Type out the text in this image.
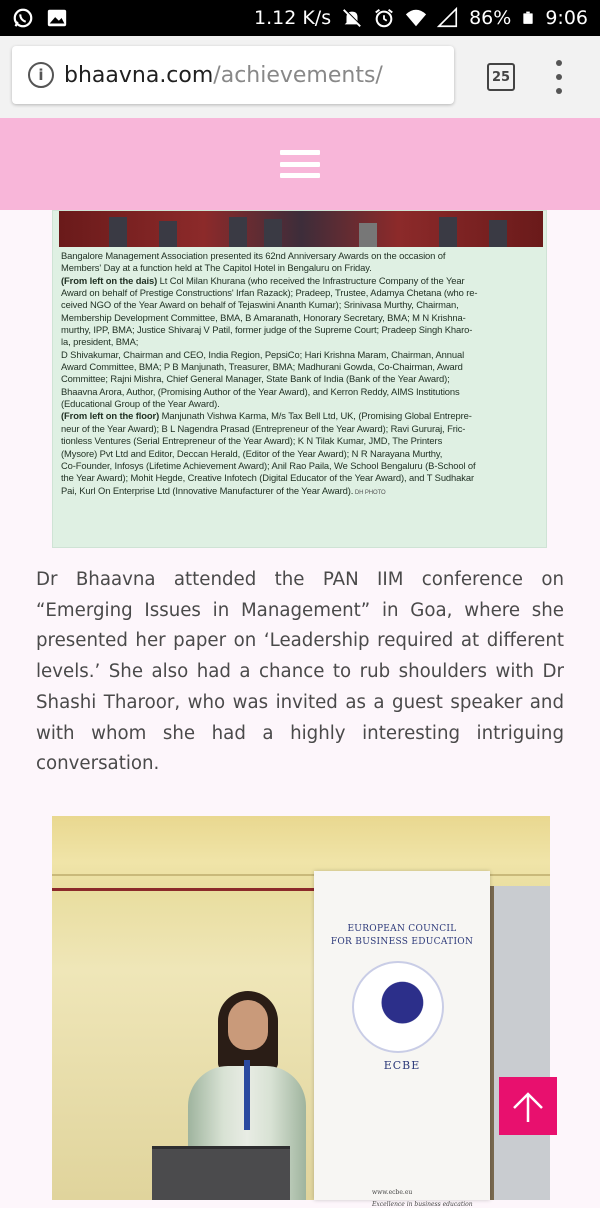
1.12 K/s	86% 9:06
i bhaavna.com /achievements/	25
Bangalore Management Association presented its 62nd Anniversary Awards on the occasion of
Members' Day at a function held at The Capitol Hotel in Bengaluru on Friday.
(From left on the dais) Lt Col Milan Khurana (who received the Infrastructure Company of the Year
Award on behalf of Prestige Constructions' Irfan Razack); Pradeep, Trustee, Adamya Chetana (who re-
ceived NGO of the Year Award on behalf of Tejaswini Ananth Kumar); Srinivasa Murthy, Chairman,
Membership Development Committee, BMA, B Amaranath, Honorary Secretary, BMA; M N Krishna-
murthy, IPP, BMA; Justice Shivaraj V Patil, former judge of the Supreme Court; Pradeep Singh Kharo-
la, president, BMA;
D Shivakumar, Chairman and CEO, India Region, PepsiCo; Hari Krishna Maram, Chairman, Annual
Award Committee, BMA; P B Manjunath, Treasurer, BMA; Madhurani Gowda, Co-Chairman, Award
Committee; Rajni Mishra, Chief General Manager, State Bank of India (Bank of the Year Award);
Bhaavna Arora, Author, (Promising Author of the Year Award), and Kerron Reddy, AIMS Institutions
(Educational Group of the Year Award).
(From left on the floor) Manjunath Vishwa Karma, M/s Tax Bell Ltd, UK, (Promising Global Entrepre-
neur of the Year Award); B L Nagendra Prasad (Entrepreneur of the Year Award); Ravi Gururaj, Fric-
tionless Ventures (Serial Entrepreneur of the Year Award); K N Tilak Kumar, JMD, The Printers
(Mysore) Pvt Ltd and Editor, Deccan Herald, (Editor of the Year Award); N R Narayana Murthy,
Co-Founder, Infosys (Lifetime Achievement Award); Anil Rao Paila, We School Bengaluru (B-School of
the Year Award); Mohit Hegde, Creative Infotech (Digital Educator of the Year Award), and T Sudhakar
Pai, Kurl On Enterprise Ltd (Innovative Manufacturer of the Year Award). DH PHOTO

Dr Bhaavna attended the PAN IIM conference on “Emerging Issues in Management” in Goa, where she presented her paper on ‘Leadership required at different levels.’ She also had a chance to rub shoulders with Dr Shashi Tharoor, who was invited as a guest speaker and with whom she had a highly interesting intriguing conversation.

EUROPEAN COUNCIL
FOR BUSINESS EDUCATION
ECBE
www.ecbe.eu
Excellence in business education
